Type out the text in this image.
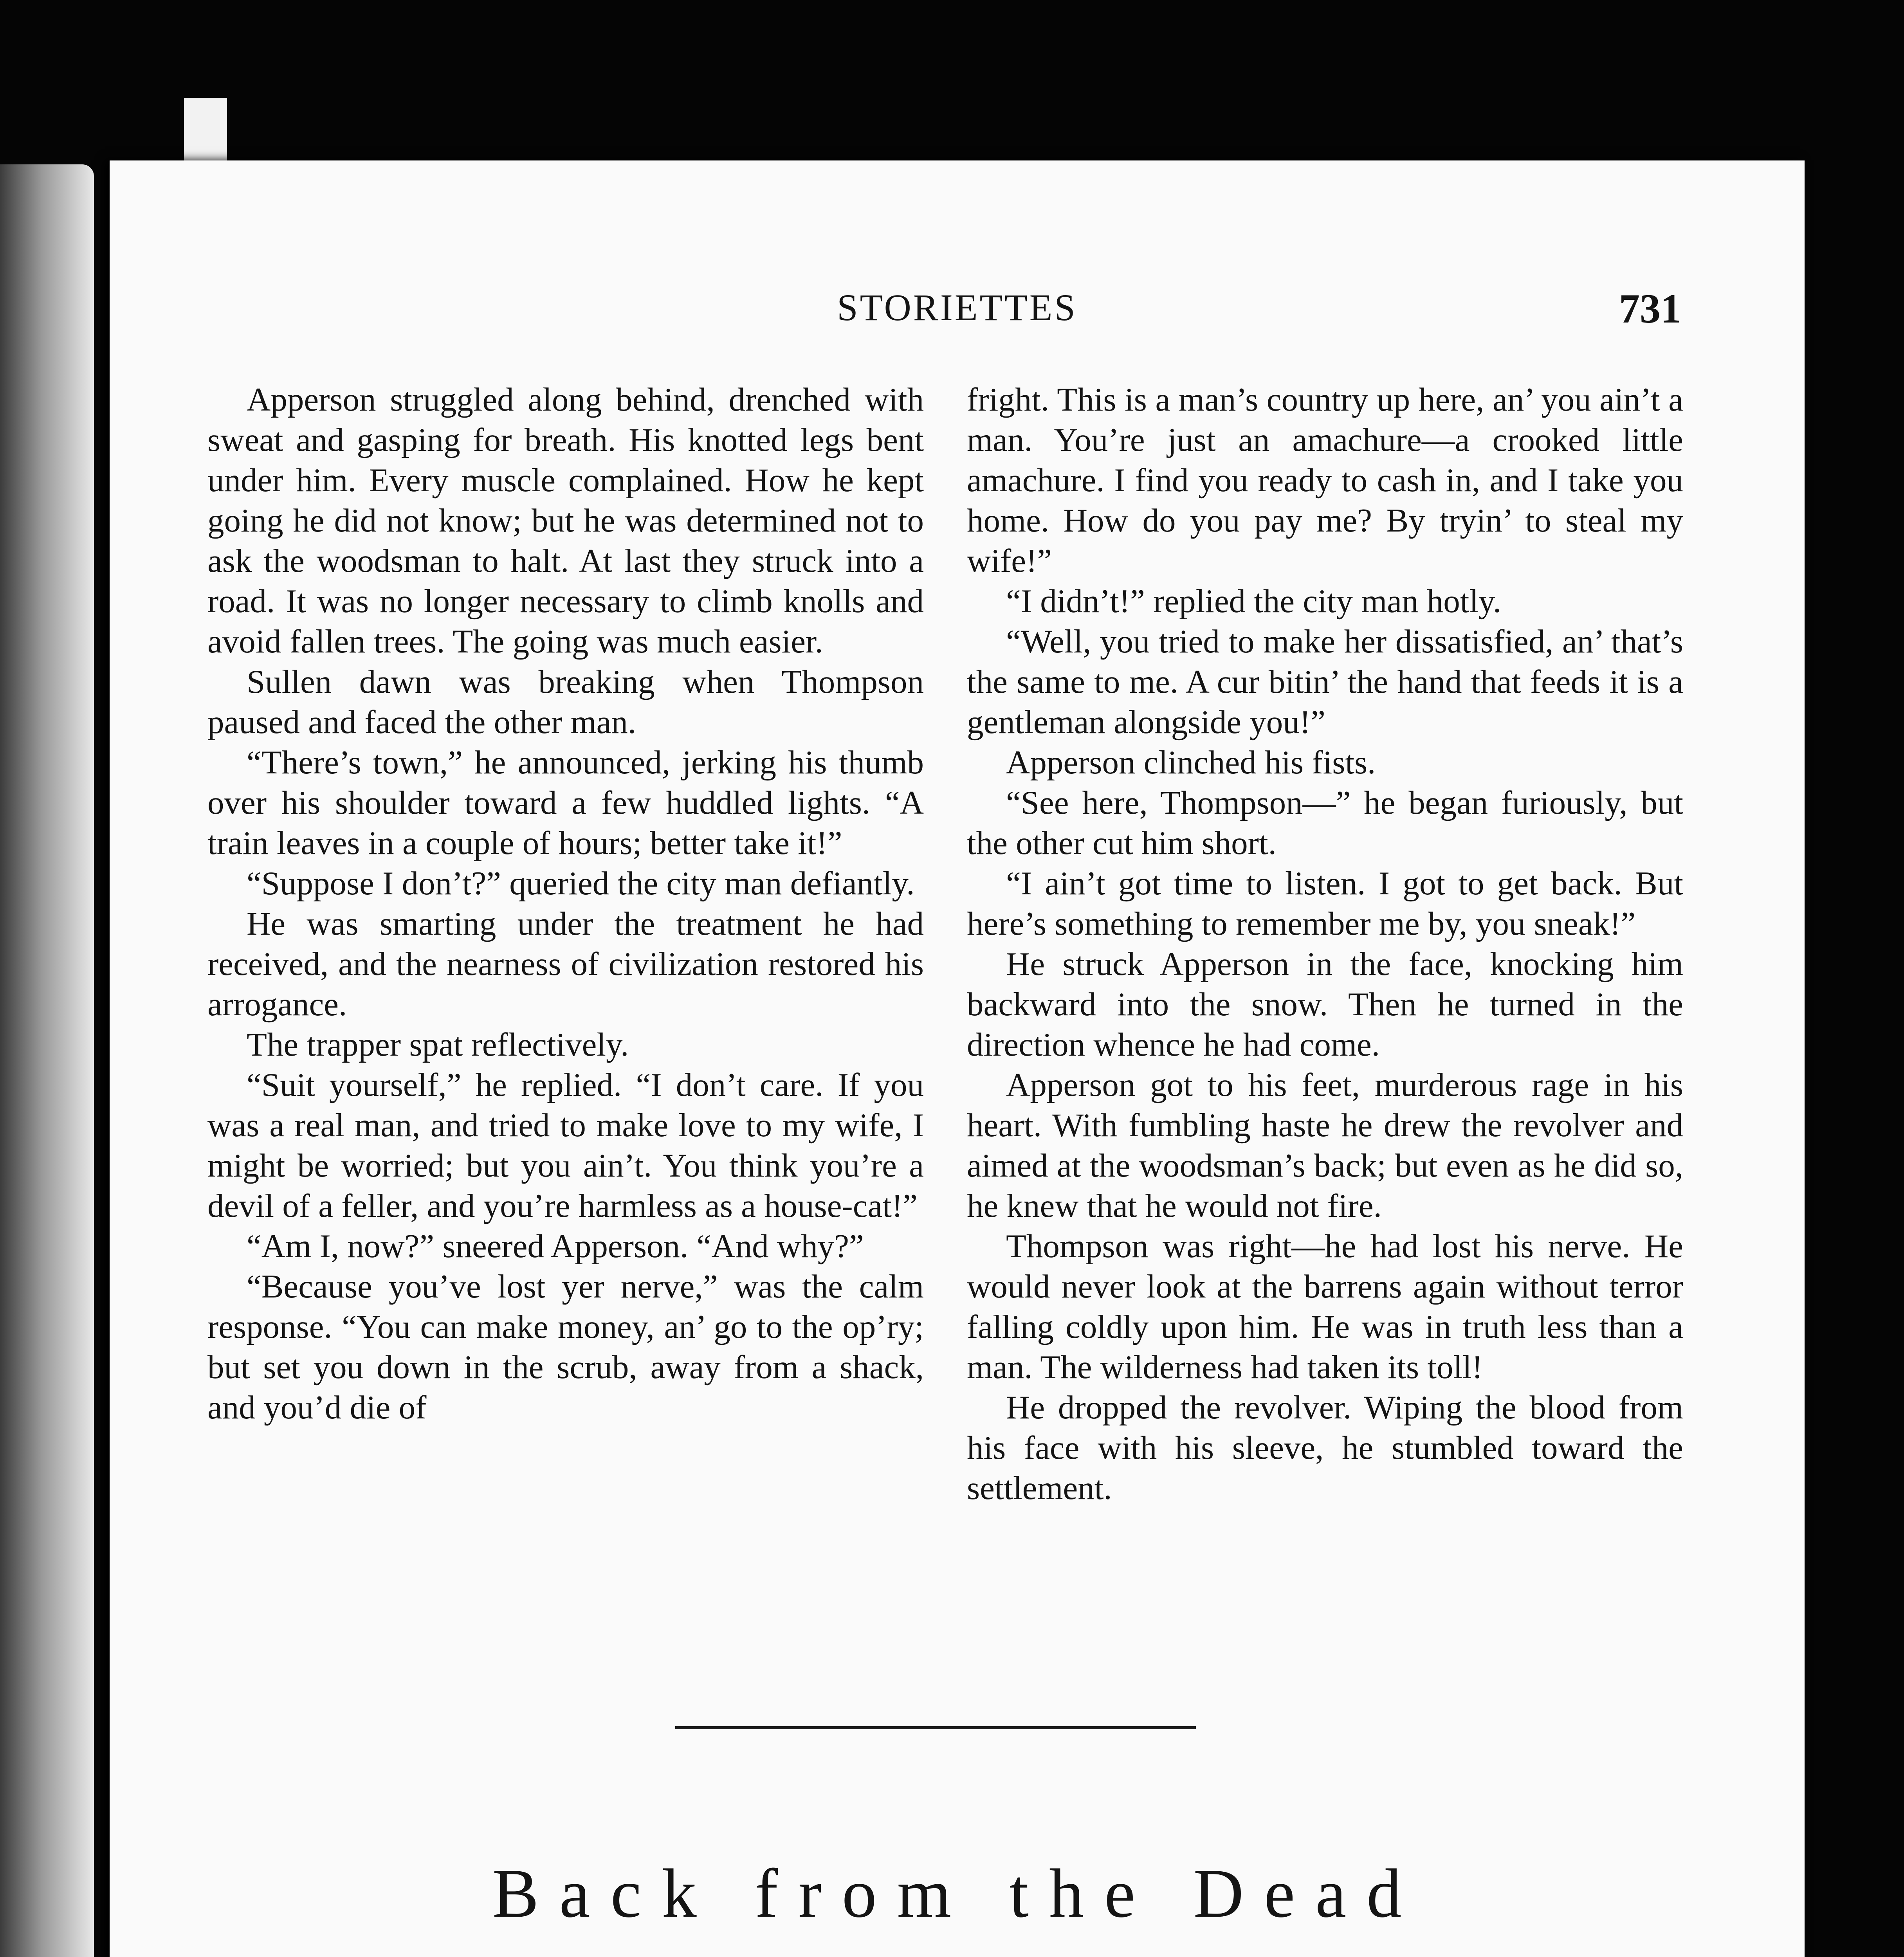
STORIETTES	731

Apperson struggled along behind, drenched with sweat and gasping for breath. His knotted legs bent under him. Every muscle complained. How he kept going he did not know; but he was determined not to ask the woodsman to halt. At last they struck into a road. It was no longer necessary to climb knolls and avoid fallen trees. The going was much easier.

Sullen dawn was breaking when Thompson paused and faced the other man.

“There’s town,” he announced, jerking his thumb over his shoulder toward a few huddled lights. “A train leaves in a couple of hours; better take it!”

“Suppose I don’t?” queried the city man defiantly.

He was smarting under the treatment he had received, and the nearness of civilization restored his arrogance.

The trapper spat reflectively.

“Suit yourself,” he replied. “I don’t care. If you was a real man, and tried to make love to my wife, I might be worried; but you ain’t. You think you’re a devil of a feller, and you’re harmless as a house-cat!”

“Am I, now?” sneered Apperson. “And why?”

“Because you’ve lost yer nerve,” was the calm response. “You can make money, an’ go to the op’ry; but set you down in the scrub, away from a shack, and you’d die of

fright. This is a man’s country up here, an’ you ain’t a man. You’re just an amachure—a crooked little amachure. I find you ready to cash in, and I take you home. How do you pay me? By tryin’ to steal my wife!”

“I didn’t!” replied the city man hotly.

“Well, you tried to make her dissatisfied, an’ that’s the same to me. A cur bitin’ the hand that feeds it is a gentleman alongside you!”

Apperson clinched his fists.

“See here, Thompson—” he began furiously, but the other cut him short.

“I ain’t got time to listen. I got to get back. But here’s something to remember me by, you sneak!”

He struck Apperson in the face, knocking him backward into the snow. Then he turned in the direction whence he had come.

Apperson got to his feet, murderous rage in his heart. With fumbling haste he drew the revolver and aimed at the woodsman’s back; but even as he did so, he knew that he would not fire.

Thompson was right—he had lost his nerve. He would never look at the barrens again without terror falling coldly upon him. He was in truth less than a man. The wilderness had taken its toll!

He dropped the revolver. Wiping the blood from his face with his sleeve, he stumbled toward the settlement.

Back from the Dead
